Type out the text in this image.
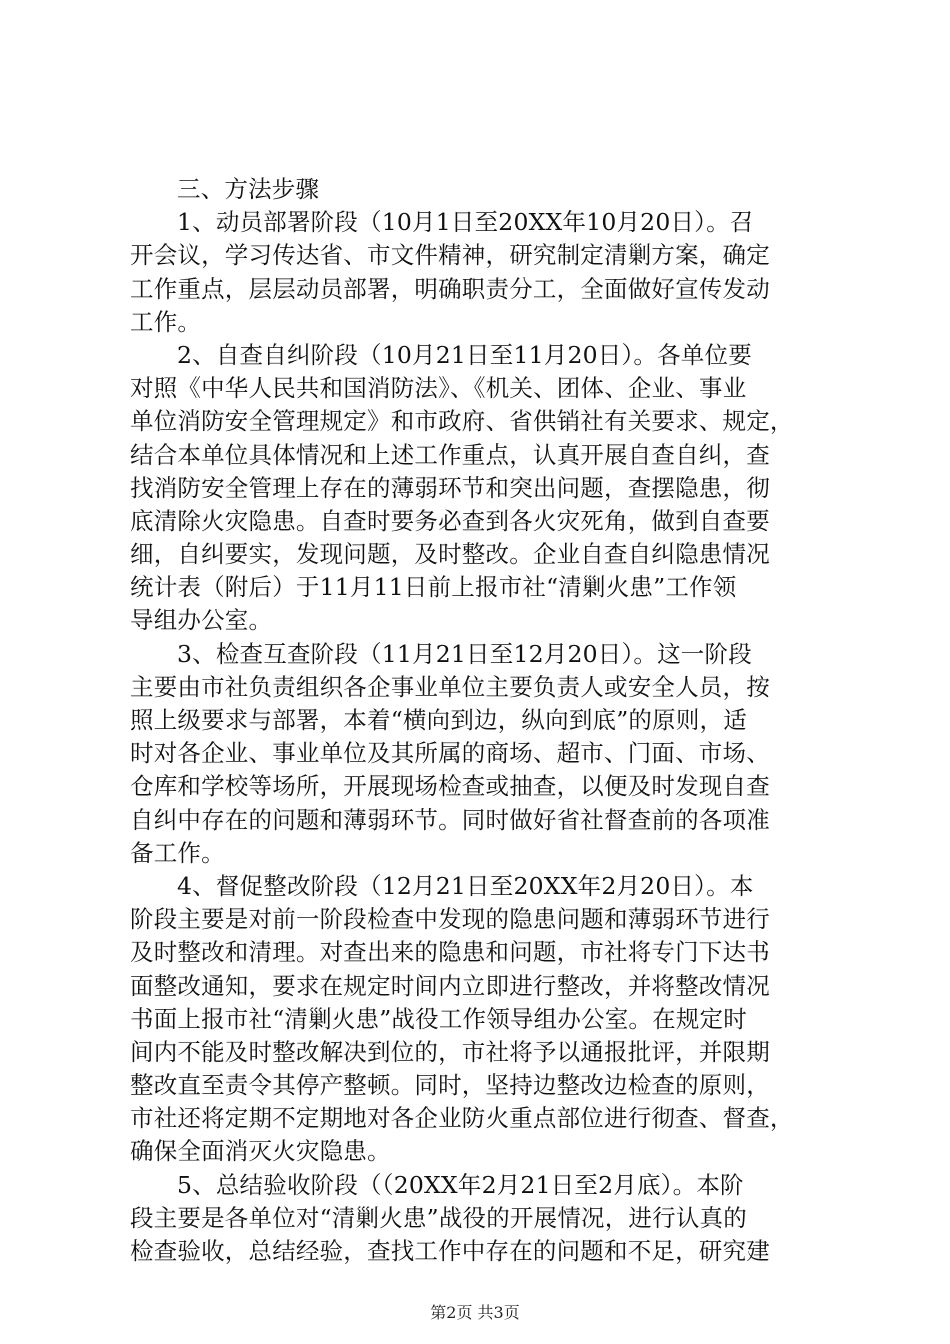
三、方法步骤

1、动员部署阶段（10月1日至20XX年10月20日）。召
开会议，学习传达省、市文件精神，研究制定清剿方案，确定
工作重点，层层动员部署，明确职责分工，全面做好宣传发动
工作。

2、自查自纠阶段（10月21日至11月20日）。各单位要
对照《中华人民共和国消防法》、《机关、团体、企业、事业
单位消防安全管理规定》和市政府、省供销社有关要求、规定，
结合本单位具体情况和上述工作重点，认真开展自查自纠，查
找消防安全管理上存在的薄弱环节和突出问题，查摆隐患，彻
底清除火灾隐患。自查时要务必查到各火灾死角，做到自查要
细，自纠要实，发现问题，及时整改。企业自查自纠隐患情况
统计表（附后）于11月11日前上报市社“清剿火患”工作领
导组办公室。

3、检查互查阶段（11月21日至12月20日）。这一阶段
主要由市社负责组织各企事业单位主要负责人或安全人员，按
照上级要求与部署，本着“横向到边，纵向到底”的原则，适
时对各企业、事业单位及其所属的商场、超市、门面、市场、
仓库和学校等场所，开展现场检查或抽查，以便及时发现自查
自纠中存在的问题和薄弱环节。同时做好省社督查前的各项准
备工作。

4、督促整改阶段（12月21日至20XX年2月20日）。本
阶段主要是对前一阶段检查中发现的隐患问题和薄弱环节进行
及时整改和清理。对查出来的隐患和问题，市社将专门下达书
面整改通知，要求在规定时间内立即进行整改，并将整改情况
书面上报市社“清剿火患”战役工作领导组办公室。在规定时
间内不能及时整改解决到位的，市社将予以通报批评，并限期
整改直至责令其停产整顿。同时，坚持边整改边检查的原则，
市社还将定期不定期地对各企业防火重点部位进行彻查、督查，
确保全面消灭火灾隐患。

5、总结验收阶段（（20XX年2月21日至2月底）。本阶
段主要是各单位对“清剿火患”战役的开展情况，进行认真的
检查验收，总结经验，查找工作中存在的问题和不足，研究建

第2页 共3页
